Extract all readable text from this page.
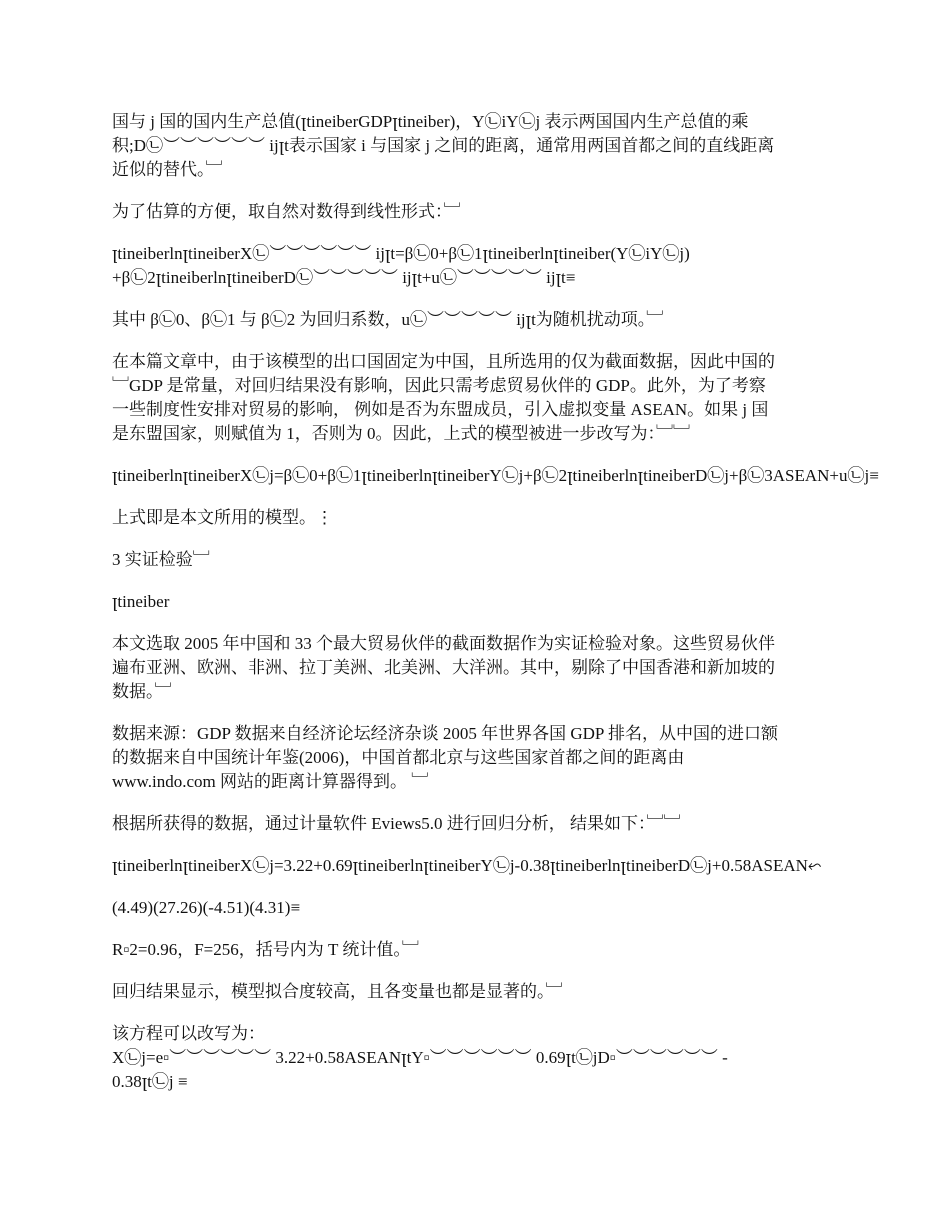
国与 j 国的国内生产总值(ꞁtineiberGDPꞁtineiber)，Y㉡iY㉡j 表示两国国内生产总值的乘
积;D㉡︶︶︶︶︶︶ ijꞁt表示国家 i 与国家 j 之间的距离，通常用两国首都之间的直线距离
近似的替代。﹈

为了估算的方便，取自然对数得到线性形式：﹈

ꞁtineiberlnꞁtineiberX㉡︶︶︶︶︶︶ ijꞁt=β㉡0+β㉡1ꞁtineiberlnꞁtineiber(Y㉡iY㉡j)
+β㉡2ꞁtineiberlnꞁtineiberD㉡︶︶︶︶︶ ijꞁt+u㉡︶︶︶︶︶ ijꞁt≡

其中 β㉡0、β㉡1 与 β㉡2 为回归系数，u㉡︶︶︶︶︶ ijꞁt为随机扰动项。﹈

在本篇文章中，由于该模型的出口国固定为中国，且所选用的仅为截面数据，因此中国的
﹈GDP 是常量，对回归结果没有影响，因此只需考虑贸易伙伴的 GDP。此外，为了考察
一些制度性安排对贸易的影响， 例如是否为东盟成员，引入虚拟变量 ASEAN。如果 j 国
是东盟国家，则赋值为 1，否则为 0。因此，上式的模型被进一步改写为：﹈﹈

ꞁtineiberlnꞁtineiberX㉡j=β㉡0+β㉡1ꞁtineiberlnꞁtineiberY㉡j+β㉡2ꞁtineiberlnꞁtineiberD㉡j+β㉡3ASEAN+u㉡j≡

上式即是本文所用的模型。⋮

3 实证检验﹈

ꞁtineiber

本文选取 2005 年中国和 33 个最大贸易伙伴的截面数据作为实证检验对象。这些贸易伙伴
遍布亚洲、欧洲、非洲、拉丁美洲、北美洲、大洋洲。其中，剔除了中国香港和新加坡的
数据。﹈

数据来源：GDP 数据来自经济论坛经济杂谈 2005 年世界各国 GDP 排名，从中国的进口额
的数据来自中国统计年鉴(2006)，中国首都北京与这些国家首都之间的距离由
www.indo.com 网站的距离计算器得到。 ﹈

根据所获得的数据，通过计量软件 Eviews5.0 进行回归分析， 结果如下：﹈﹈

ꞁtineiberlnꞁtineiberX㉡j=3.22+0.69ꞁtineiberlnꞁtineiberY㉡j-0.38ꞁtineiberlnꞁtineiberD㉡j+0.58ASEAN⬿

(4.49)(27.26)(-4.51)(4.31)≡

R▫2=0.96，F=256，括号内为 T 统计值。﹈

回归结果显示，模型拟合度较高，且各变量也都是显著的。﹈

该方程可以改写为：
X㉡j=e▫︶︶︶︶︶︶ 3.22+0.58ASEANꞁtY▫︶︶︶︶︶︶ 0.69ꞁt㉡jD▫︶︶︶︶︶︶ -
0.38ꞁt㉡j ≡
